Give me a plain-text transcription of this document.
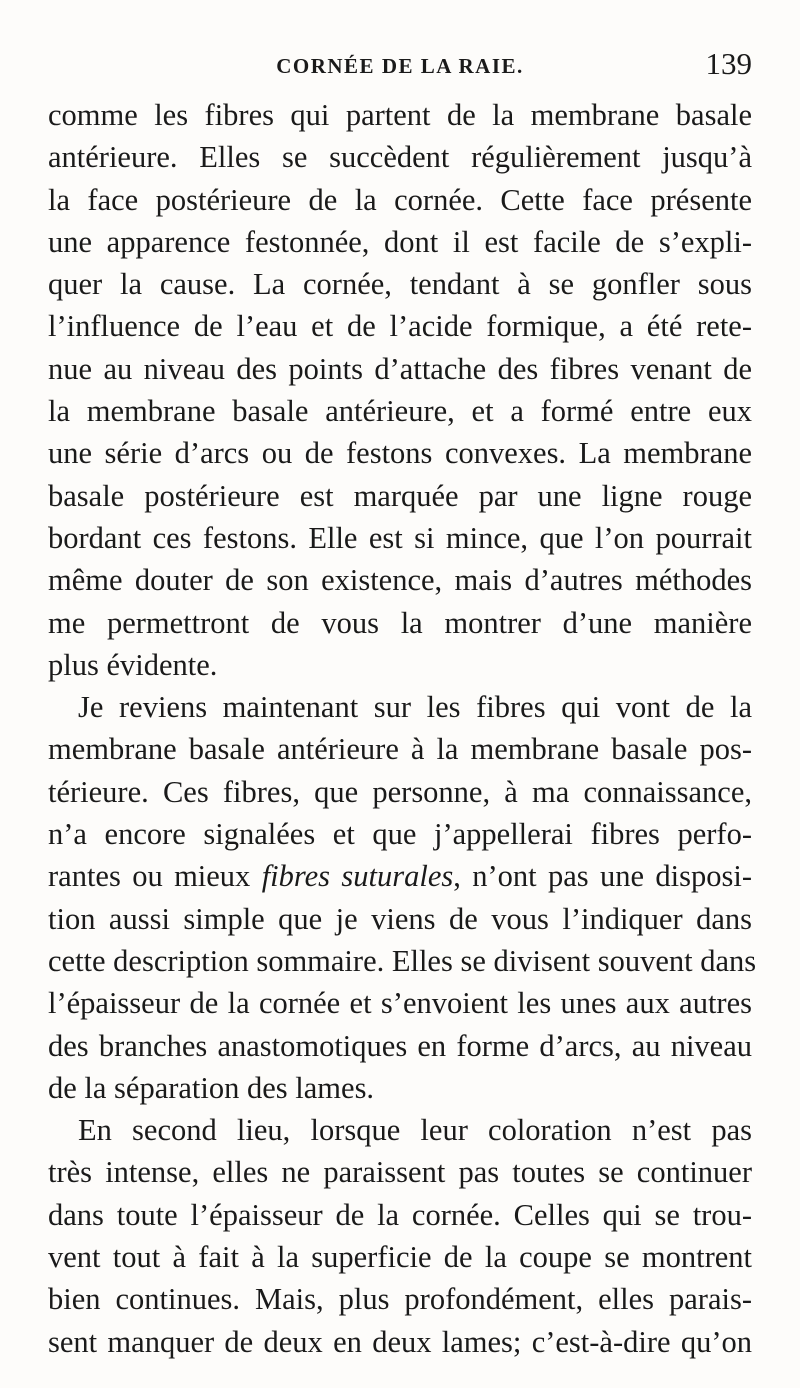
CORNÉE DE LA RAIE.	139
comme les fibres qui partent de la membrane basale
antérieure. Elles se succèdent régulièrement jusqu’à
la face postérieure de la cornée. Cette face présente
une apparence festonnée, dont il est facile de s’expli-
quer la cause. La cornée, tendant à se gonfler sous
l’influence de l’eau et de l’acide formique, a été rete-
nue au niveau des points d’attache des fibres venant de
la membrane basale antérieure, et a formé entre eux
une série d’arcs ou de festons convexes. La membrane
basale postérieure est marquée par une ligne rouge
bordant ces festons. Elle est si mince, que l’on pourrait
même douter de son existence, mais d’autres méthodes
me permettront de vous la montrer d’une manière
plus évidente.
Je reviens maintenant sur les fibres qui vont de la
membrane basale antérieure à la membrane basale pos-
térieure. Ces fibres, que personne, à ma connaissance,
n’a encore signalées et que j’appellerai fibres perfo-
rantes ou mieux fibres suturales, n’ont pas une disposi-
tion aussi simple que je viens de vous l’indiquer dans
cette description sommaire. Elles se divisent souvent dans
l’épaisseur de la cornée et s’envoient les unes aux autres
des branches anastomotiques en forme d’arcs, au niveau
de la séparation des lames.
En second lieu, lorsque leur coloration n’est pas
très intense, elles ne paraissent pas toutes se continuer
dans toute l’épaisseur de la cornée. Celles qui se trou-
vent tout à fait à la superficie de la coupe se montrent
bien continues. Mais, plus profondément, elles parais-
sent manquer de deux en deux lames; c’est-à-dire qu’on
